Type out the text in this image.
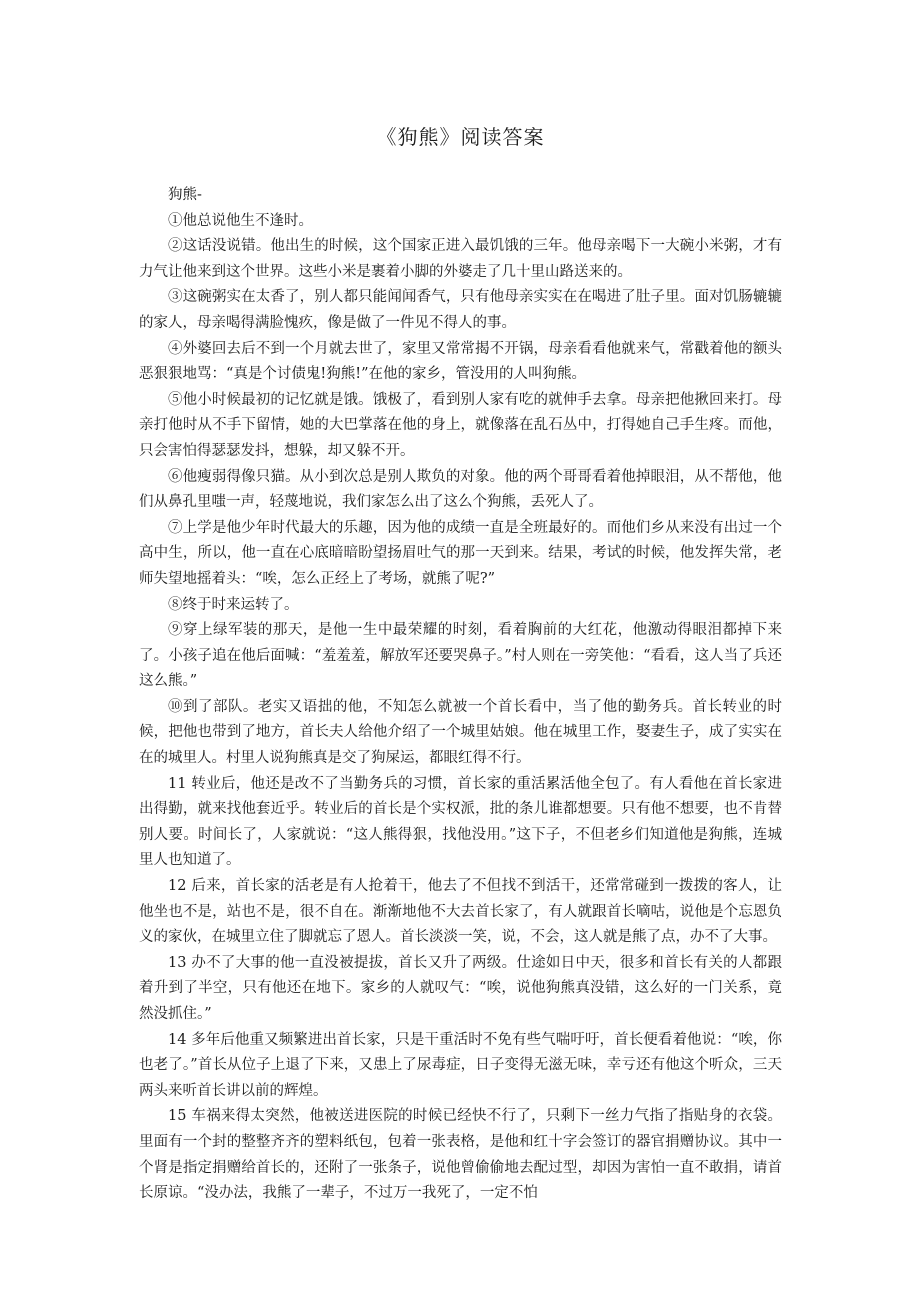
《狗熊》阅读答案

狗熊-

①他总说他生不逢时。

②这话没说错。他出生的时候，这个国家正进入最饥饿的三年。他母亲喝下一大碗小米粥，才有力气让他来到这个世界。这些小米是裹着小脚的外婆走了几十里山路送来的。

③这碗粥实在太香了，别人都只能闻闻香气，只有他母亲实实在在喝进了肚子里。面对饥肠辘辘的家人，母亲喝得满脸愧疚，像是做了一件见不得人的事。

④外婆回去后不到一个月就去世了，家里又常常揭不开锅，母亲看看他就来气，常戳着他的额头恶狠狠地骂：“真是个讨债鬼!狗熊!”在他的家乡，管没用的人叫狗熊。

⑤他小时候最初的记忆就是饿。饿极了，看到别人家有吃的就伸手去拿。母亲把他揪回来打。母亲打他时从不手下留情，她的大巴掌落在他的身上，就像落在乱石丛中，打得她自己手生疼。而他，只会害怕得瑟瑟发抖，想躲，却又躲不开。

⑥他瘦弱得像只猫。从小到次总是别人欺负的对象。他的两个哥哥看着他掉眼泪，从不帮他，他们从鼻孔里嗤一声，轻蔑地说，我们家怎么出了这么个狗熊，丢死人了。

⑦上学是他少年时代最大的乐趣，因为他的成绩一直是全班最好的。而他们乡从来没有出过一个高中生，所以，他一直在心底暗暗盼望扬眉吐气的那一天到来。结果，考试的时候，他发挥失常，老师失望地摇着头：“唉，怎么正经上了考场，就熊了呢?”

⑧终于时来运转了。

⑨穿上绿军装的那天，是他一生中最荣耀的时刻，看着胸前的大红花，他激动得眼泪都掉下来了。小孩子追在他后面喊：“羞羞羞，解放军还要哭鼻子。”村人则在一旁笑他：“看看，这人当了兵还这么熊。”

⑩到了部队。老实又语拙的他，不知怎么就被一个首长看中，当了他的勤务兵。首长转业的时候，把他也带到了地方，首长夫人给他介绍了一个城里姑娘。他在城里工作，娶妻生子，成了实实在在的城里人。村里人说狗熊真是交了狗屎运，都眼红得不行。

11 转业后，他还是改不了当勤务兵的习惯，首长家的重活累活他全包了。有人看他在首长家进出得勤，就来找他套近乎。转业后的首长是个实权派，批的条儿谁都想要。只有他不想要，也不肯替别人要。时间长了，人家就说：“这人熊得狠，找他没用。”这下子，不但老乡们知道他是狗熊，连城里人也知道了。

12 后来，首长家的活老是有人抢着干，他去了不但找不到活干，还常常碰到一拨拨的客人，让他坐也不是，站也不是，很不自在。渐渐地他不大去首长家了，有人就跟首长嘀咕，说他是个忘恩负义的家伙，在城里立住了脚就忘了恩人。首长淡淡一笑，说，不会，这人就是熊了点，办不了大事。

13 办不了大事的他一直没被提拔，首长又升了两级。仕途如日中天，很多和首长有关的人都跟着升到了半空，只有他还在地下。家乡的人就叹气：“唉，说他狗熊真没错，这么好的一门关系，竟然没抓住。”

14 多年后他重又频繁进出首长家，只是干重活时不免有些气喘吁吁，首长便看着他说：“唉，你也老了。”首长从位子上退了下来，又患上了尿毒症，日子变得无滋无味，幸亏还有他这个听众，三天两头来听首长讲以前的辉煌。

15 车祸来得太突然，他被送进医院的时候已经快不行了，只剩下一丝力气指了指贴身的衣袋。里面有一个封的整整齐齐的塑料纸包，包着一张表格，是他和红十字会签订的器官捐赠协议。其中一个肾是指定捐赠给首长的，还附了一张条子，说他曾偷偷地去配过型，却因为害怕一直不敢捐，请首长原谅。“没办法，我熊了一辈子，不过万一我死了，一定不怕
